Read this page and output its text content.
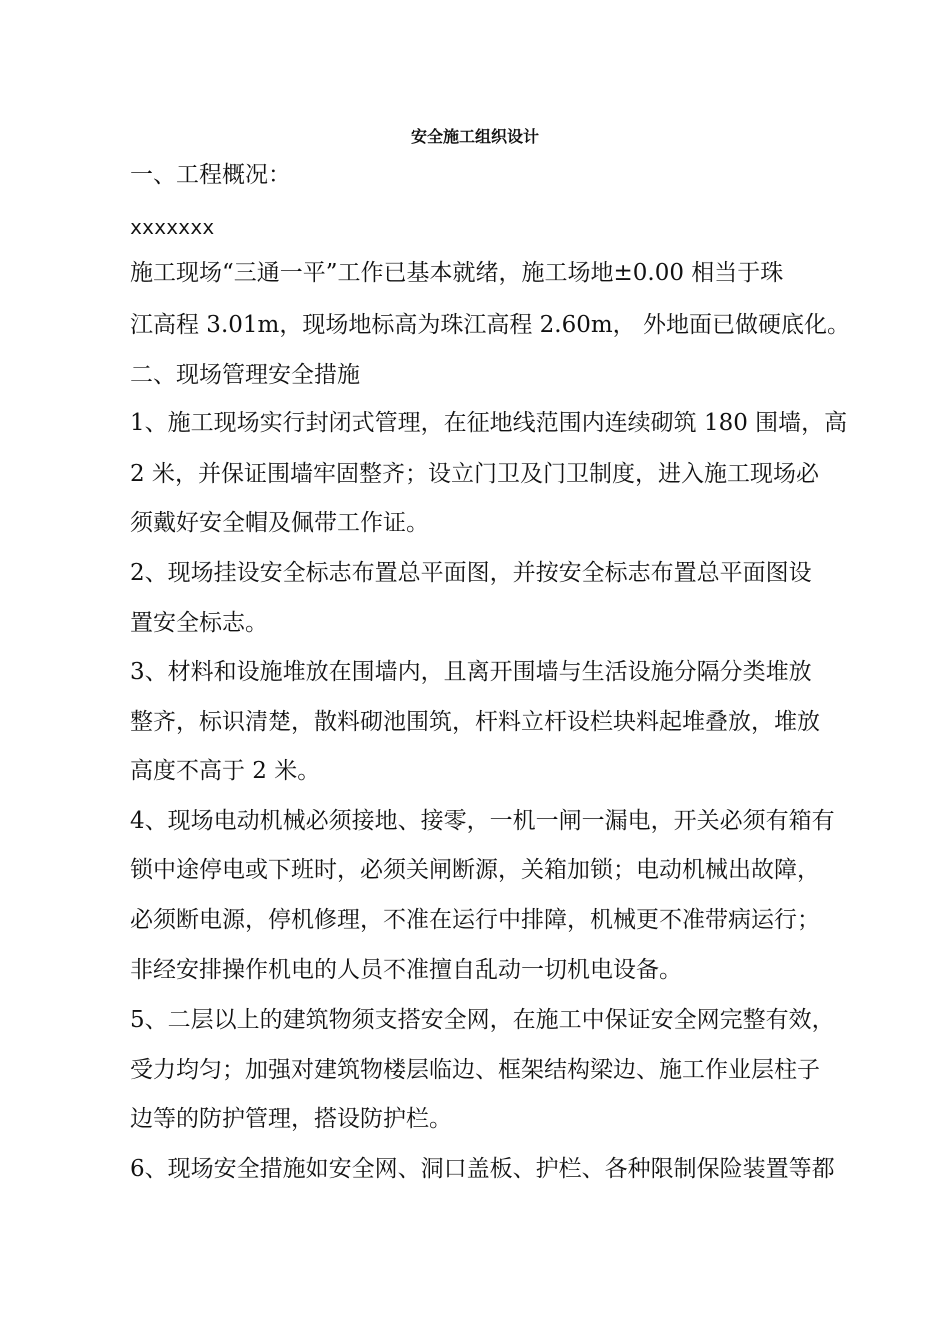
安全施工组织设计
一、工程概况：
xxxxxxx
施工现场“三通一平”工作已基本就绪，施工场地±0.00 相当于珠
江高程 3.01m，现场地标高为珠江高程 2.60m， 外地面已做硬底化。
二、现场管理安全措施
1、施工现场实行封闭式管理，在征地线范围内连续砌筑 180 围墙，高
2 米，并保证围墙牢固整齐；设立门卫及门卫制度，进入施工现场必
须戴好安全帽及佩带工作证。
2、现场挂设安全标志布置总平面图，并按安全标志布置总平面图设
置安全标志。
3、材料和设施堆放在围墙内，且离开围墙与生活设施分隔分类堆放
整齐，标识清楚，散料砌池围筑，杆料立杆设栏块料起堆叠放，堆放
高度不高于 2 米。
4、现场电动机械必须接地、接零，一机一闸一漏电，开关必须有箱有
锁中途停电或下班时，必须关闸断源，关箱加锁；电动机械出故障，
必须断电源，停机修理，不准在运行中排障，机械更不准带病运行；
非经安排操作机电的人员不准擅自乱动一切机电设备。
5、二层以上的建筑物须支搭安全网，在施工中保证安全网完整有效，
受力均匀；加强对建筑物楼层临边、框架结构梁边、施工作业层柱子
边等的防护管理，搭设防护栏。
6、现场安全措施如安全网、洞口盖板、护栏、各种限制保险装置等都
